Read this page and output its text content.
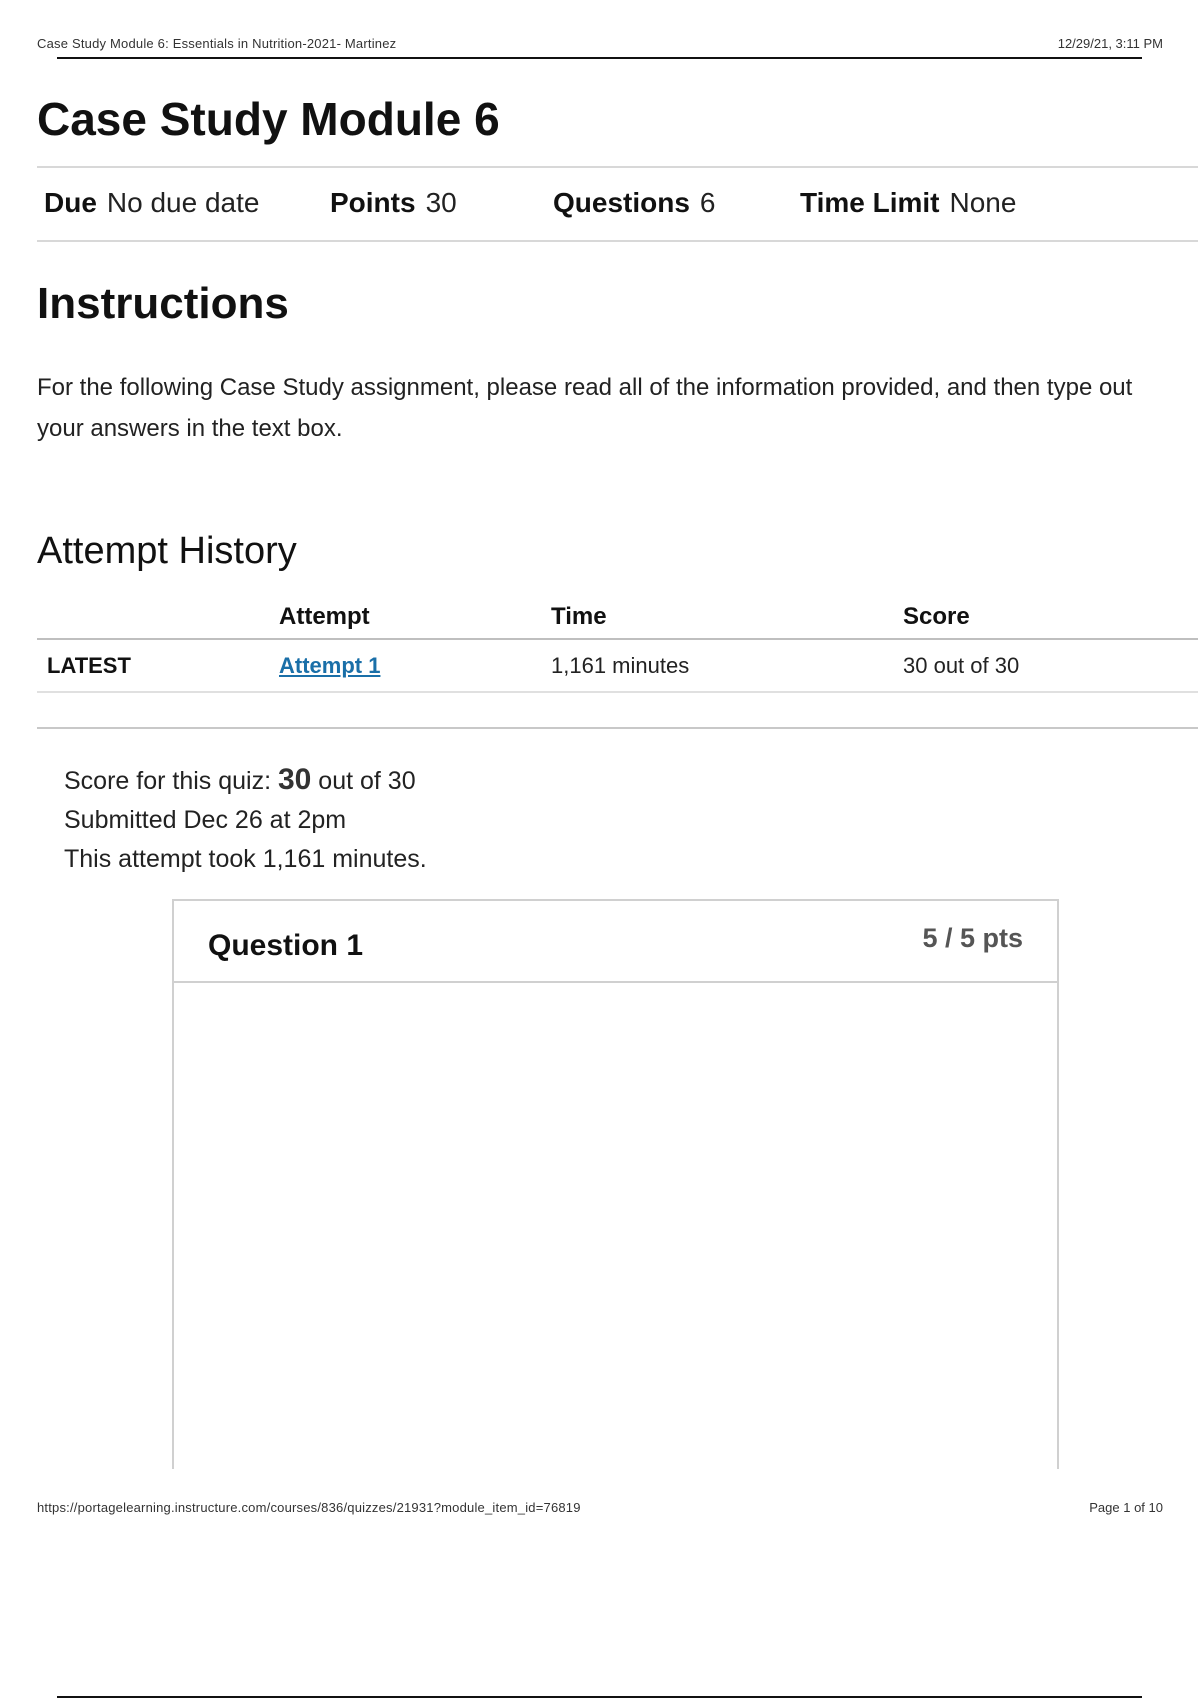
Case Study Module 6: Essentials in Nutrition-2021- Martinez	12/29/21, 3:11 PM
Case Study Module 6
Due No due date	Points 30	Questions 6	Time Limit None
Instructions

For the following Case Study assignment, please read all of the information provided, and then type out your answers in the text box.

Attempt History
	Attempt	Time	Score
LATEST	Attempt 1	1,161 minutes	30 out of 30
Score for this quiz: 30 out of 30
Submitted Dec 26 at 2pm
This attempt took 1,161 minutes.
Question 1	5 / 5 pts
https://portagelearning.instructure.com/courses/836/quizzes/21931?module_item_id=76819	Page 1 of 10
